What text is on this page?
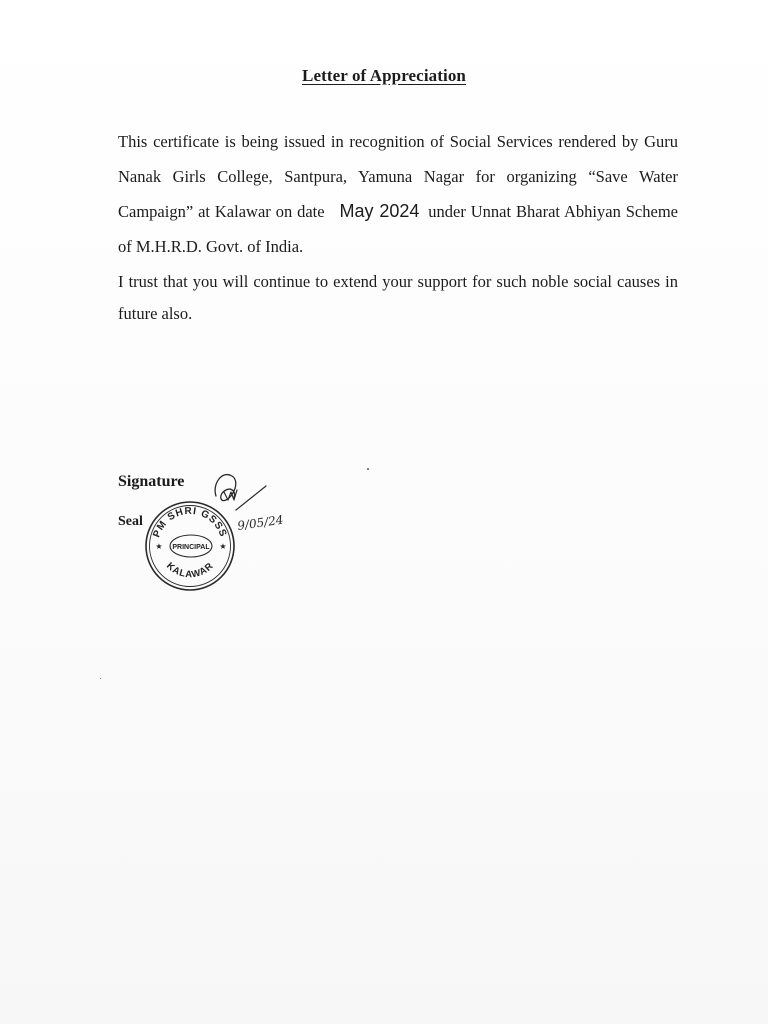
Letter of Appreciation
This certificate is being issued in recognition of Social Services rendered by Guru Nanak Girls College, Santpura, Yamuna Nagar for organizing “Save Water Campaign” at Kalawar on date May 2024 under Unnat Bharat Abhiyan Scheme of M.H.R.D. Govt. of India.
I trust that you will continue to extend your support for such noble social causes in future also.
Signature
Seal
PM SHRI GSSS
KALAWAR
PRINCIPAL
★	★
9/05/24
